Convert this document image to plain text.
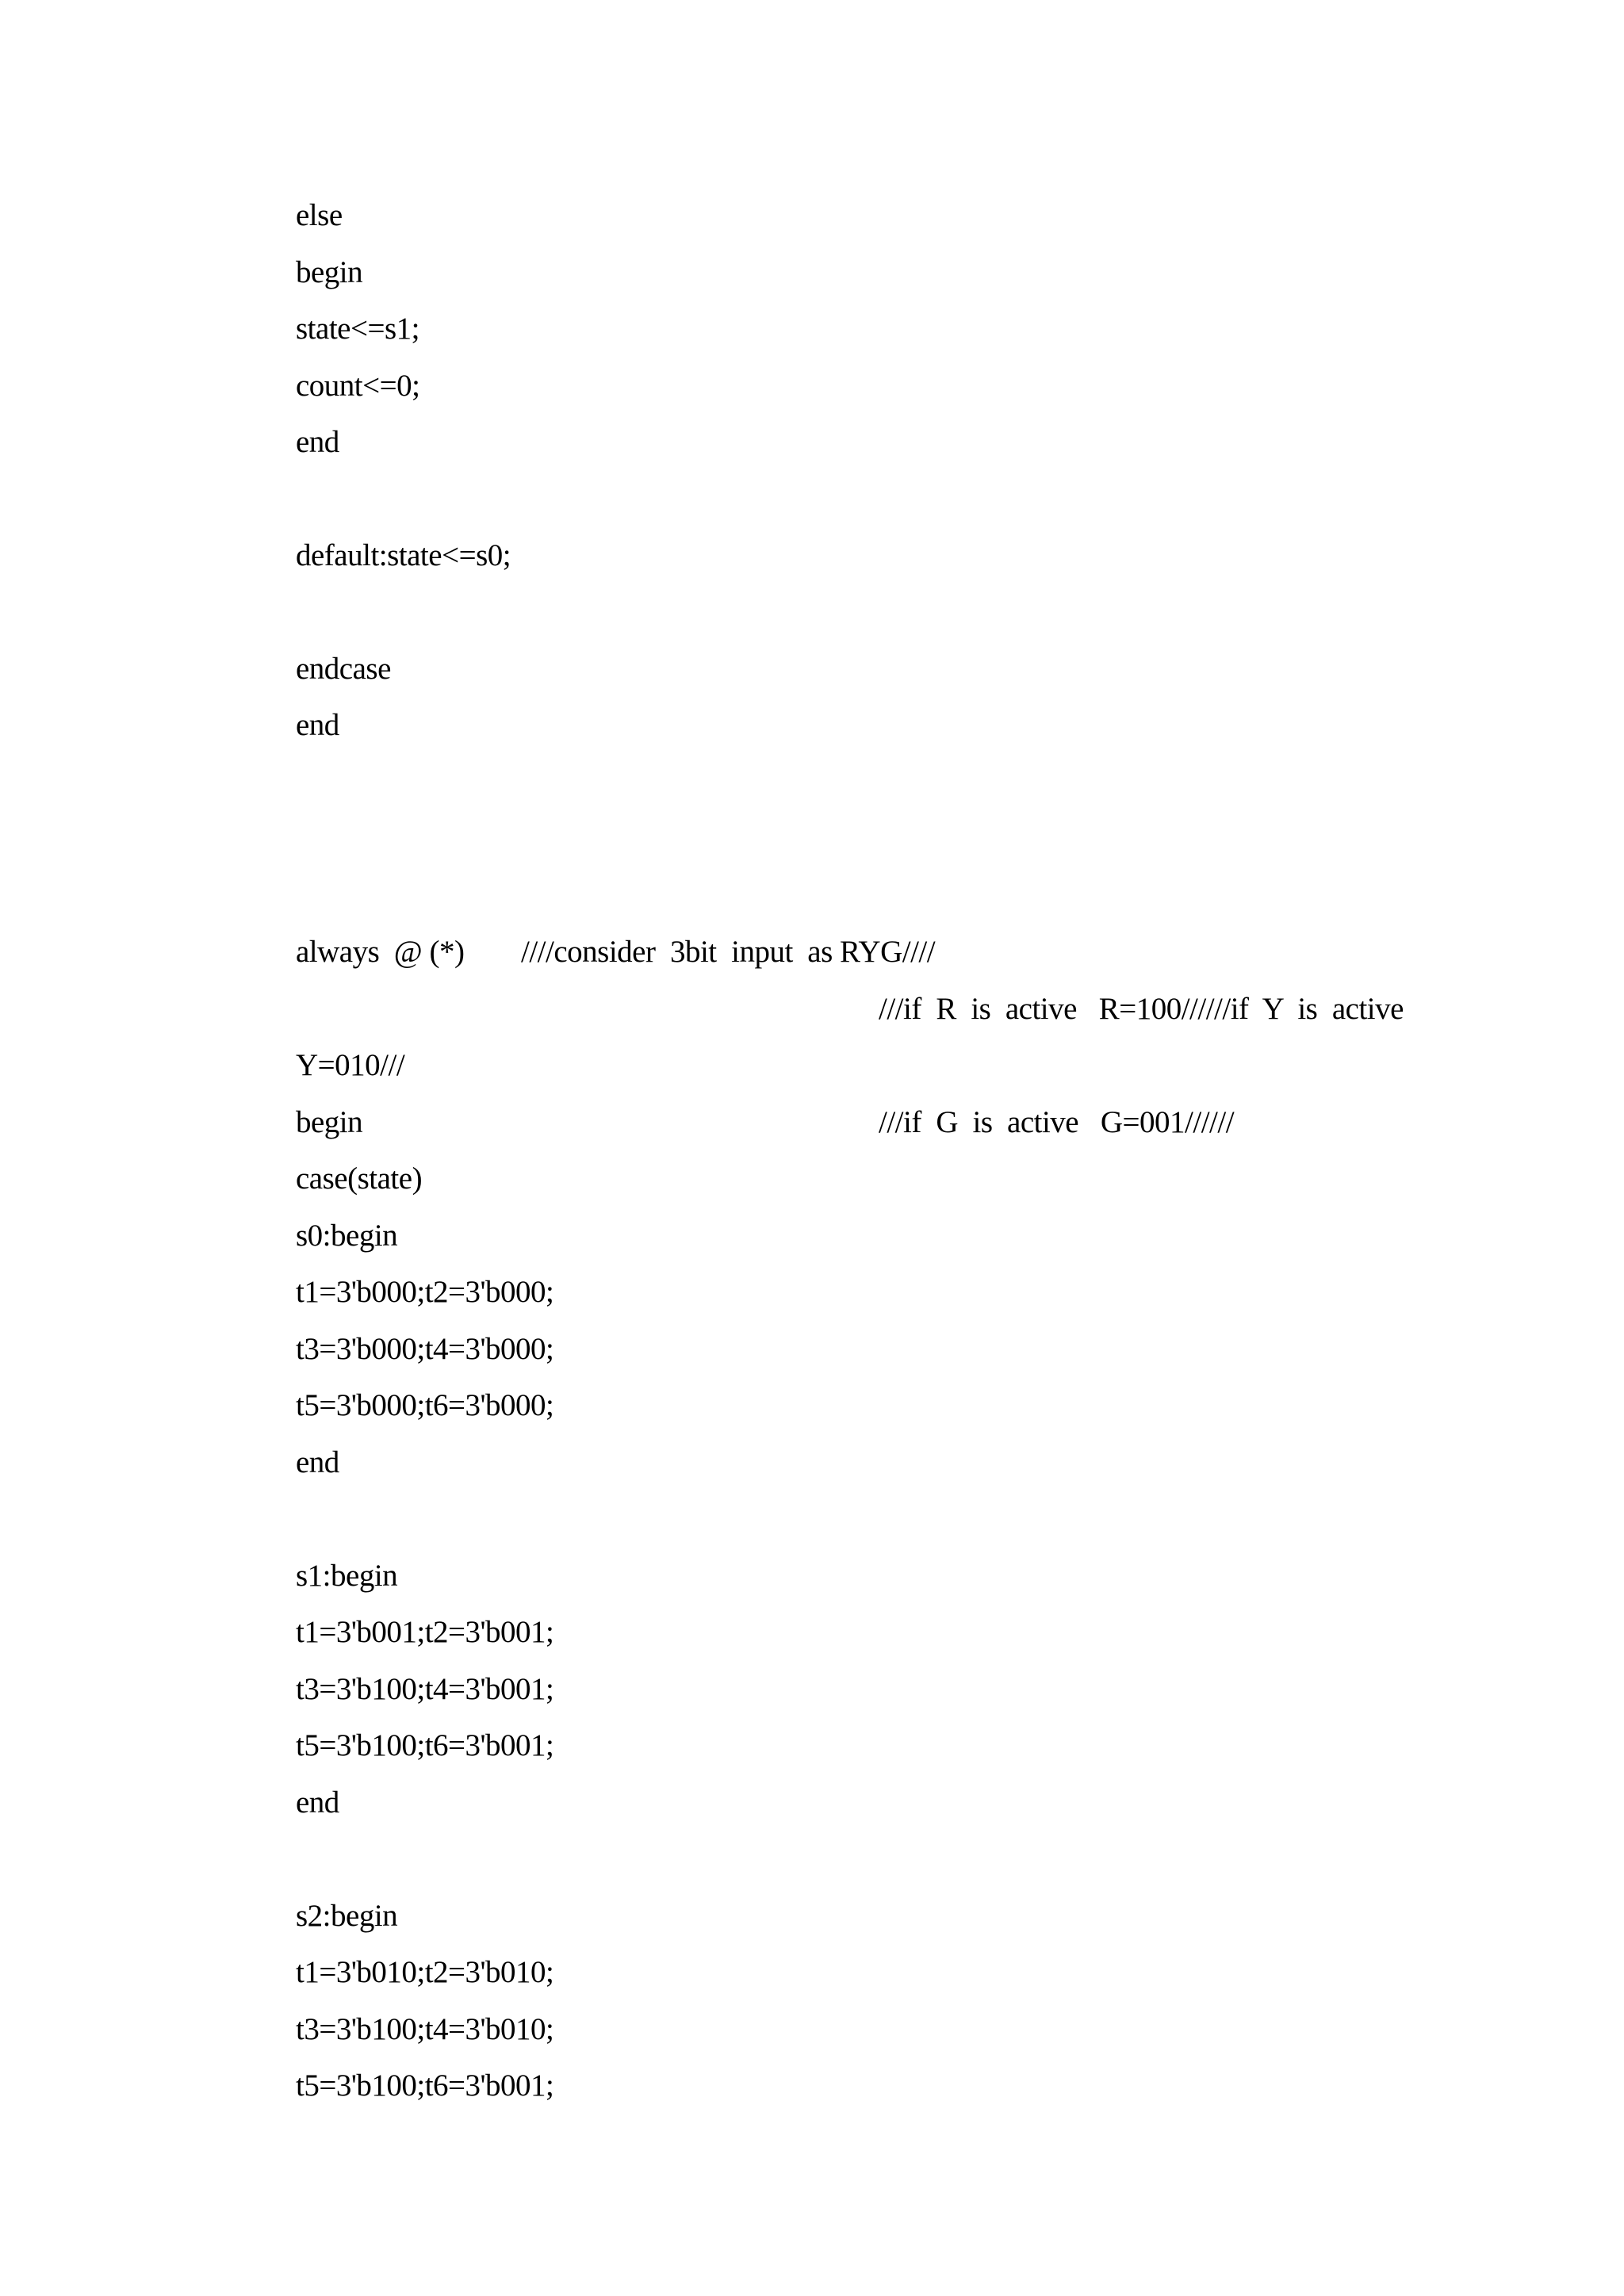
else
begin
state<=s1;
count<=0;
end
default:state<=s0;
endcase
end
always  @ (*) ////consider  3bit  input  as RYG////
///if  R  is  active   R=100//////if  Y  is  active
Y=010///
begin	///if  G  is  active   G=001//////
case(state)
s0:begin
t1=3'b000;t2=3'b000;
t3=3'b000;t4=3'b000;
t5=3'b000;t6=3'b000;
end
s1:begin
t1=3'b001;t2=3'b001;
t3=3'b100;t4=3'b001;
t5=3'b100;t6=3'b001;
end
s2:begin
t1=3'b010;t2=3'b010;
t3=3'b100;t4=3'b010;
t5=3'b100;t6=3'b001;
